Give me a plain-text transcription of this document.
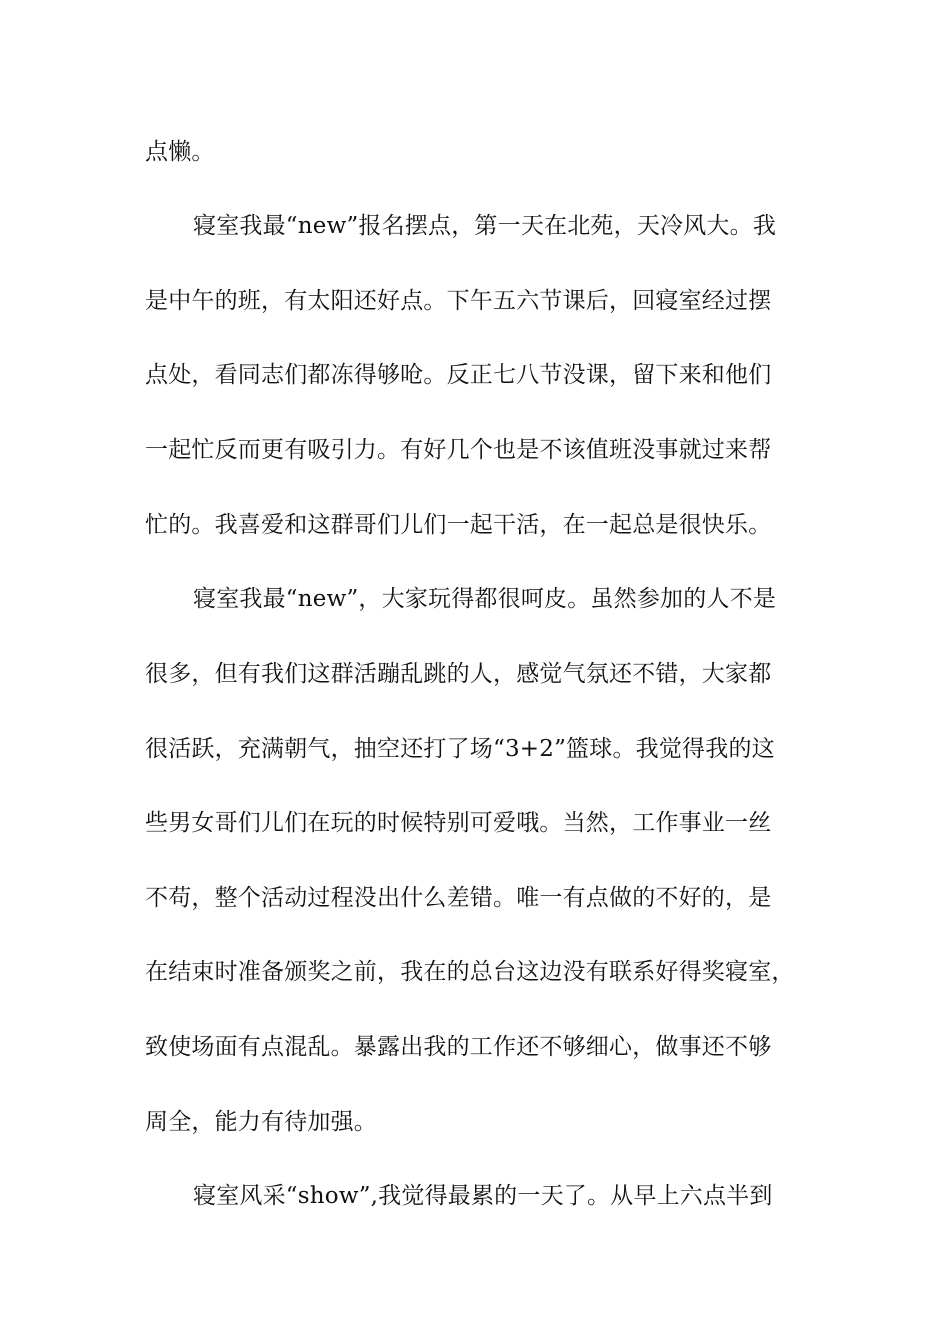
点懒。
寝室我最“new”报名摆点，第一天在北苑，天冷风大。我
是中午的班，有太阳还好点。下午五六节课后，回寝室经过摆
点处，看同志们都冻得够呛。反正七八节没课，留下来和他们
一起忙反而更有吸引力。有好几个也是不该值班没事就过来帮
忙的。我喜爱和这群哥们儿们一起干活，在一起总是很快乐。
寝室我最“new”，大家玩得都很呵皮。虽然参加的人不是
很多，但有我们这群活蹦乱跳的人，感觉气氛还不错，大家都
很活跃，充满朝气，抽空还打了场“3+2”篮球。我觉得我的这
些男女哥们儿们在玩的时候特别可爱哦。当然，工作事业一丝
不苟，整个活动过程没出什么差错。唯一有点做的不好的，是
在结束时准备颁奖之前，我在的总台这边没有联系好得奖寝室，
致使场面有点混乱。暴露出我的工作还不够细心，做事还不够
周全，能力有待加强。
寝室风采“show”,我觉得最累的一天了。从早上六点半到
